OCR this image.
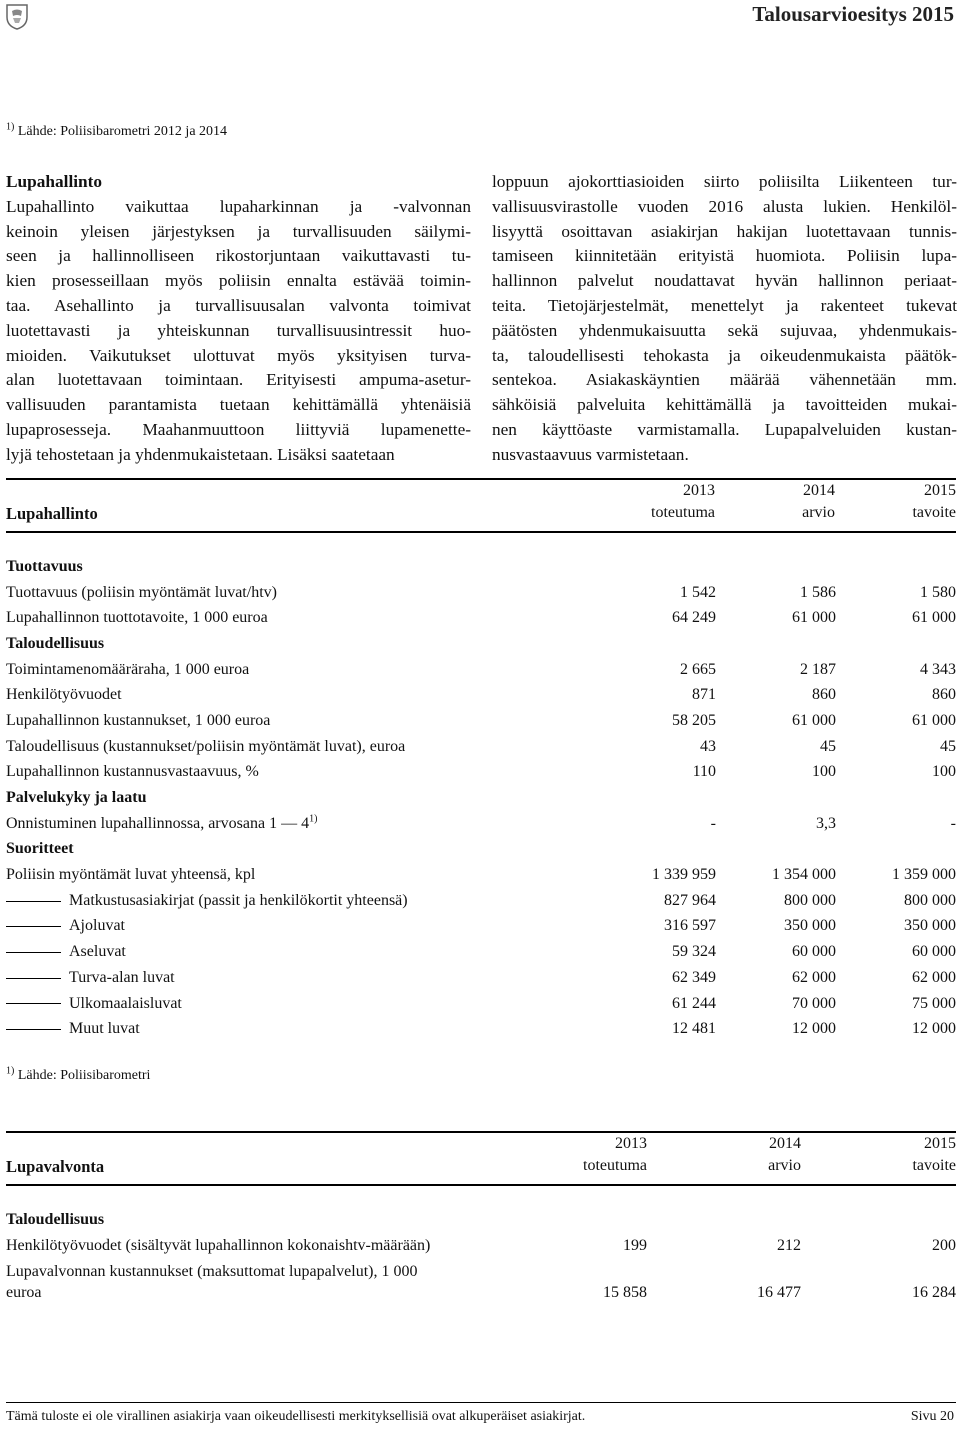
Talousarvioesitys 2015
$^{1)}$ Lähde: Poliisibarometri 2012 ja 2014
Lupahallinto
Lupahallinto vaikuttaa lupaharkinnan ja -valvonnan
keinoin yleisen järjestyksen ja turvallisuuden säilymi-
seen ja hallinnolliseen rikostorjuntaan vaikuttavasti tu-
kien prosesseillaan myös poliisin ennalta estävää toimin-
taa. Asehallinto ja turvallisuusalan valvonta toimivat
luotettavasti ja yhteiskunnan turvallisuusintressit huo-
mioiden. Vaikutukset ulottuvat myös yksityisen turva-
alan luotettavaan toimintaan. Erityisesti ampuma-asetur-
vallisuuden parantamista tuetaan kehittämällä yhtenäisiä
lupaprosesseja. Maahanmuuttoon liittyviä lupamenette-
lyjä tehostetaan ja yhdenmukaistetaan. Lisäksi saatetaan
loppuun ajokorttiasioiden siirto poliisilta Liikenteen tur-
vallisuusvirastolle vuoden 2016 alusta lukien. Henkilöl-
lisyyttä osoittavan asiakirjan hakijan luotettavaan tunnis-
tamiseen kiinnitetään erityistä huomiota. Poliisin lupa-
hallinnon palvelut noudattavat hyvän hallinnon periaat-
teita. Tietojärjestelmät, menettelyt ja rakenteet tukevat
päätösten yhdenmukaisuutta sekä sujuvaa, yhdenmukais-
ta, taloudellisesti tehokasta ja oikeudenmukaista päätök-
sentekoa. Asiakaskäyntien määrää vähennetään mm.
sähköisiä palveluita kehittämällä ja tavoitteiden mukai-
nen käyttöaste varmistamalla. Lupapalveluiden kustan-
nusvastaavuus varmistetaan.
Lupahallinto
2013	2014	2015
toteutuma	arvio	tavoite
Tuottavuus			
Tuottavuus (poliisin myöntämät luvat/htv)	1 542	1 586	1 580
Lupahallinnon tuottotavoite, 1 000 euroa	64 249	61 000	61 000
Taloudellisuus			
Toimintamenomääräraha, 1 000 euroa	2 665	2 187	4 343
Henkilötyövuodet	871	860	860
Lupahallinnon kustannukset, 1 000 euroa	58 205	61 000	61 000
Taloudellisuus (kustannukset/poliisin myöntämät luvat), euroa	43	45	45
Lupahallinnon kustannusvastaavuus, %	110	100	100
Palvelukyky ja laatu			
Onnistuminen lupahallinnossa, arvosana 1 — 4$^{1)}$	-	3,3	-
Suoritteet			
Poliisin myöntämät luvat yhteensä, kpl	1 339 959	1 354 000	1 359 000
Matkustusasiakirjat (passit ja henkilökortit yhteensä)	827 964	800 000	800 000
Ajoluvat	316 597	350 000	350 000
Aseluvat	59 324	60 000	60 000
Turva-alan luvat	62 349	62 000	62 000
Ulkomaalaisluvat	61 244	70 000	75 000
Muut luvat	12 481	12 000	12 000
$^{1)}$ Lähde: Poliisibarometri
Lupavalvonta
2013	2014	2015
toteutuma	arvio	tavoite
Taloudellisuus
Henkilötyövuodet (sisältyvät lupahallinnon kokonaishtv-määrään)	199	212	200
Lupavalvonnan kustannukset (maksuttomat lupapalvelut), 1 000
euroa	15 858	16 477	16 284
Tämä tuloste ei ole virallinen asiakirja vaan oikeudellisesti merkityksellisiä ovat alkuperäiset asiakirjat.	Sivu 20
